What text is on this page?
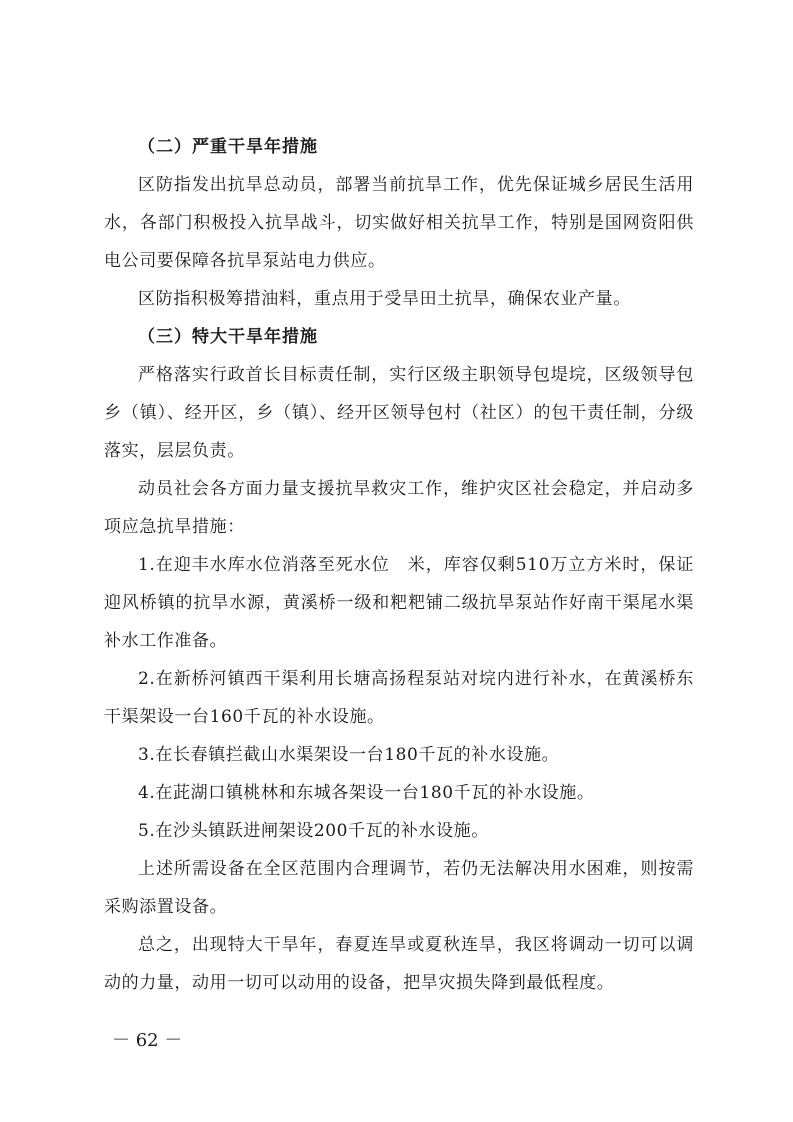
（二）严重干旱年措施

区防指发出抗旱总动员，部署当前抗旱工作，优先保证城乡居民生活用水，各部门积极投入抗旱战斗，切实做好相关抗旱工作，特别是国网资阳供电公司要保障各抗旱泵站电力供应。

区防指积极筹措油料，重点用于受旱田土抗旱，确保农业产量。

（三）特大干旱年措施

严格落实行政首长目标责任制，实行区级主职领导包堤垸，区级领导包乡（镇）、经开区，乡（镇）、经开区领导包村（社区）的包干责任制，分级落实，层层负责。

动员社会各方面力量支援抗旱救灾工作，维护灾区社会稳定，并启动多项应急抗旱措施：

1.在迎丰水库水位消落至死水位　米，库容仅剩510万立方米时，保证迎风桥镇的抗旱水源，黄溪桥一级和粑粑铺二级抗旱泵站作好南干渠尾水渠补水工作准备。

2.在新桥河镇西干渠利用长塘高扬程泵站对垸内进行补水，在黄溪桥东干渠架设一台160千瓦的补水设施。

3.在长春镇拦截山水渠架设一台180千瓦的补水设施。

4.在茈湖口镇桃林和东城各架设一台180千瓦的补水设施。

5.在沙头镇跃进闸架设200千瓦的补水设施。

上述所需设备在全区范围内合理调节，若仍无法解决用水困难，则按需采购添置设备。

总之，出现特大干旱年，春夏连旱或夏秋连旱，我区将调动一切可以调动的力量，动用一切可以动用的设备，把旱灾损失降到最低程度。

－ 62 －
